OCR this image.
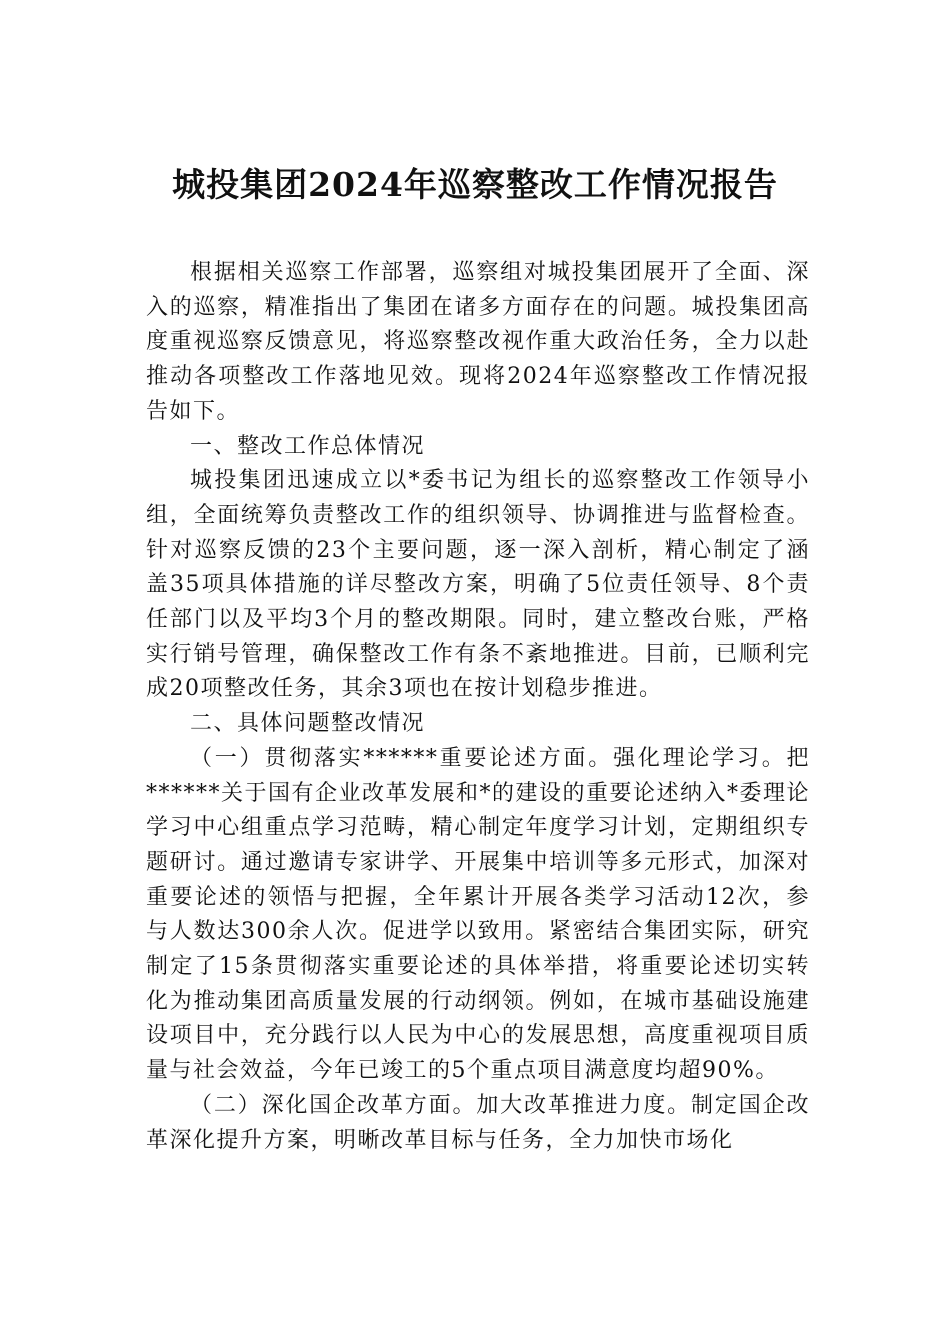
城投集团2024年巡察整改工作情况报告

根据相关巡察工作部署，巡察组对城投集团展开了全面、深入的巡察，精准指出了集团在诸多方面存在的问题。城投集团高度重视巡察反馈意见，将巡察整改视作重大政治任务，全力以赴推动各项整改工作落地见效。现将2024年巡察整改工作情况报告如下。

一、整改工作总体情况

城投集团迅速成立以*委书记为组长的巡察整改工作领导小组，全面统筹负责整改工作的组织领导、协调推进与监督检查。针对巡察反馈的23个主要问题，逐一深入剖析，精心制定了涵盖35项具体措施的详尽整改方案，明确了5位责任领导、8个责任部门以及平均3个月的整改期限。同时，建立整改台账，严格实行销号管理，确保整改工作有条不紊地推进。目前，已顺利完成20项整改任务，其余3项也在按计划稳步推进。

二、具体问题整改情况

（一）贯彻落实******重要论述方面。强化理论学习。把******关于国有企业改革发展和*的建设的重要论述纳入*委理论学习中心组重点学习范畴，精心制定年度学习计划，定期组织专题研讨。通过邀请专家讲学、开展集中培训等多元形式，加深对重要论述的领悟与把握，全年累计开展各类学习活动12次，参与人数达300余人次。促进学以致用。紧密结合集团实际，研究制定了15条贯彻落实重要论述的具体举措，将重要论述切实转化为推动集团高质量发展的行动纲领。例如，在城市基础设施建设项目中，充分践行以人民为中心的发展思想，高度重视项目质量与社会效益，今年已竣工的5个重点项目满意度均超90%。

（二）深化国企改革方面。加大改革推进力度。制定国企改革深化提升方案，明晰改革目标与任务，全力加快市场化
